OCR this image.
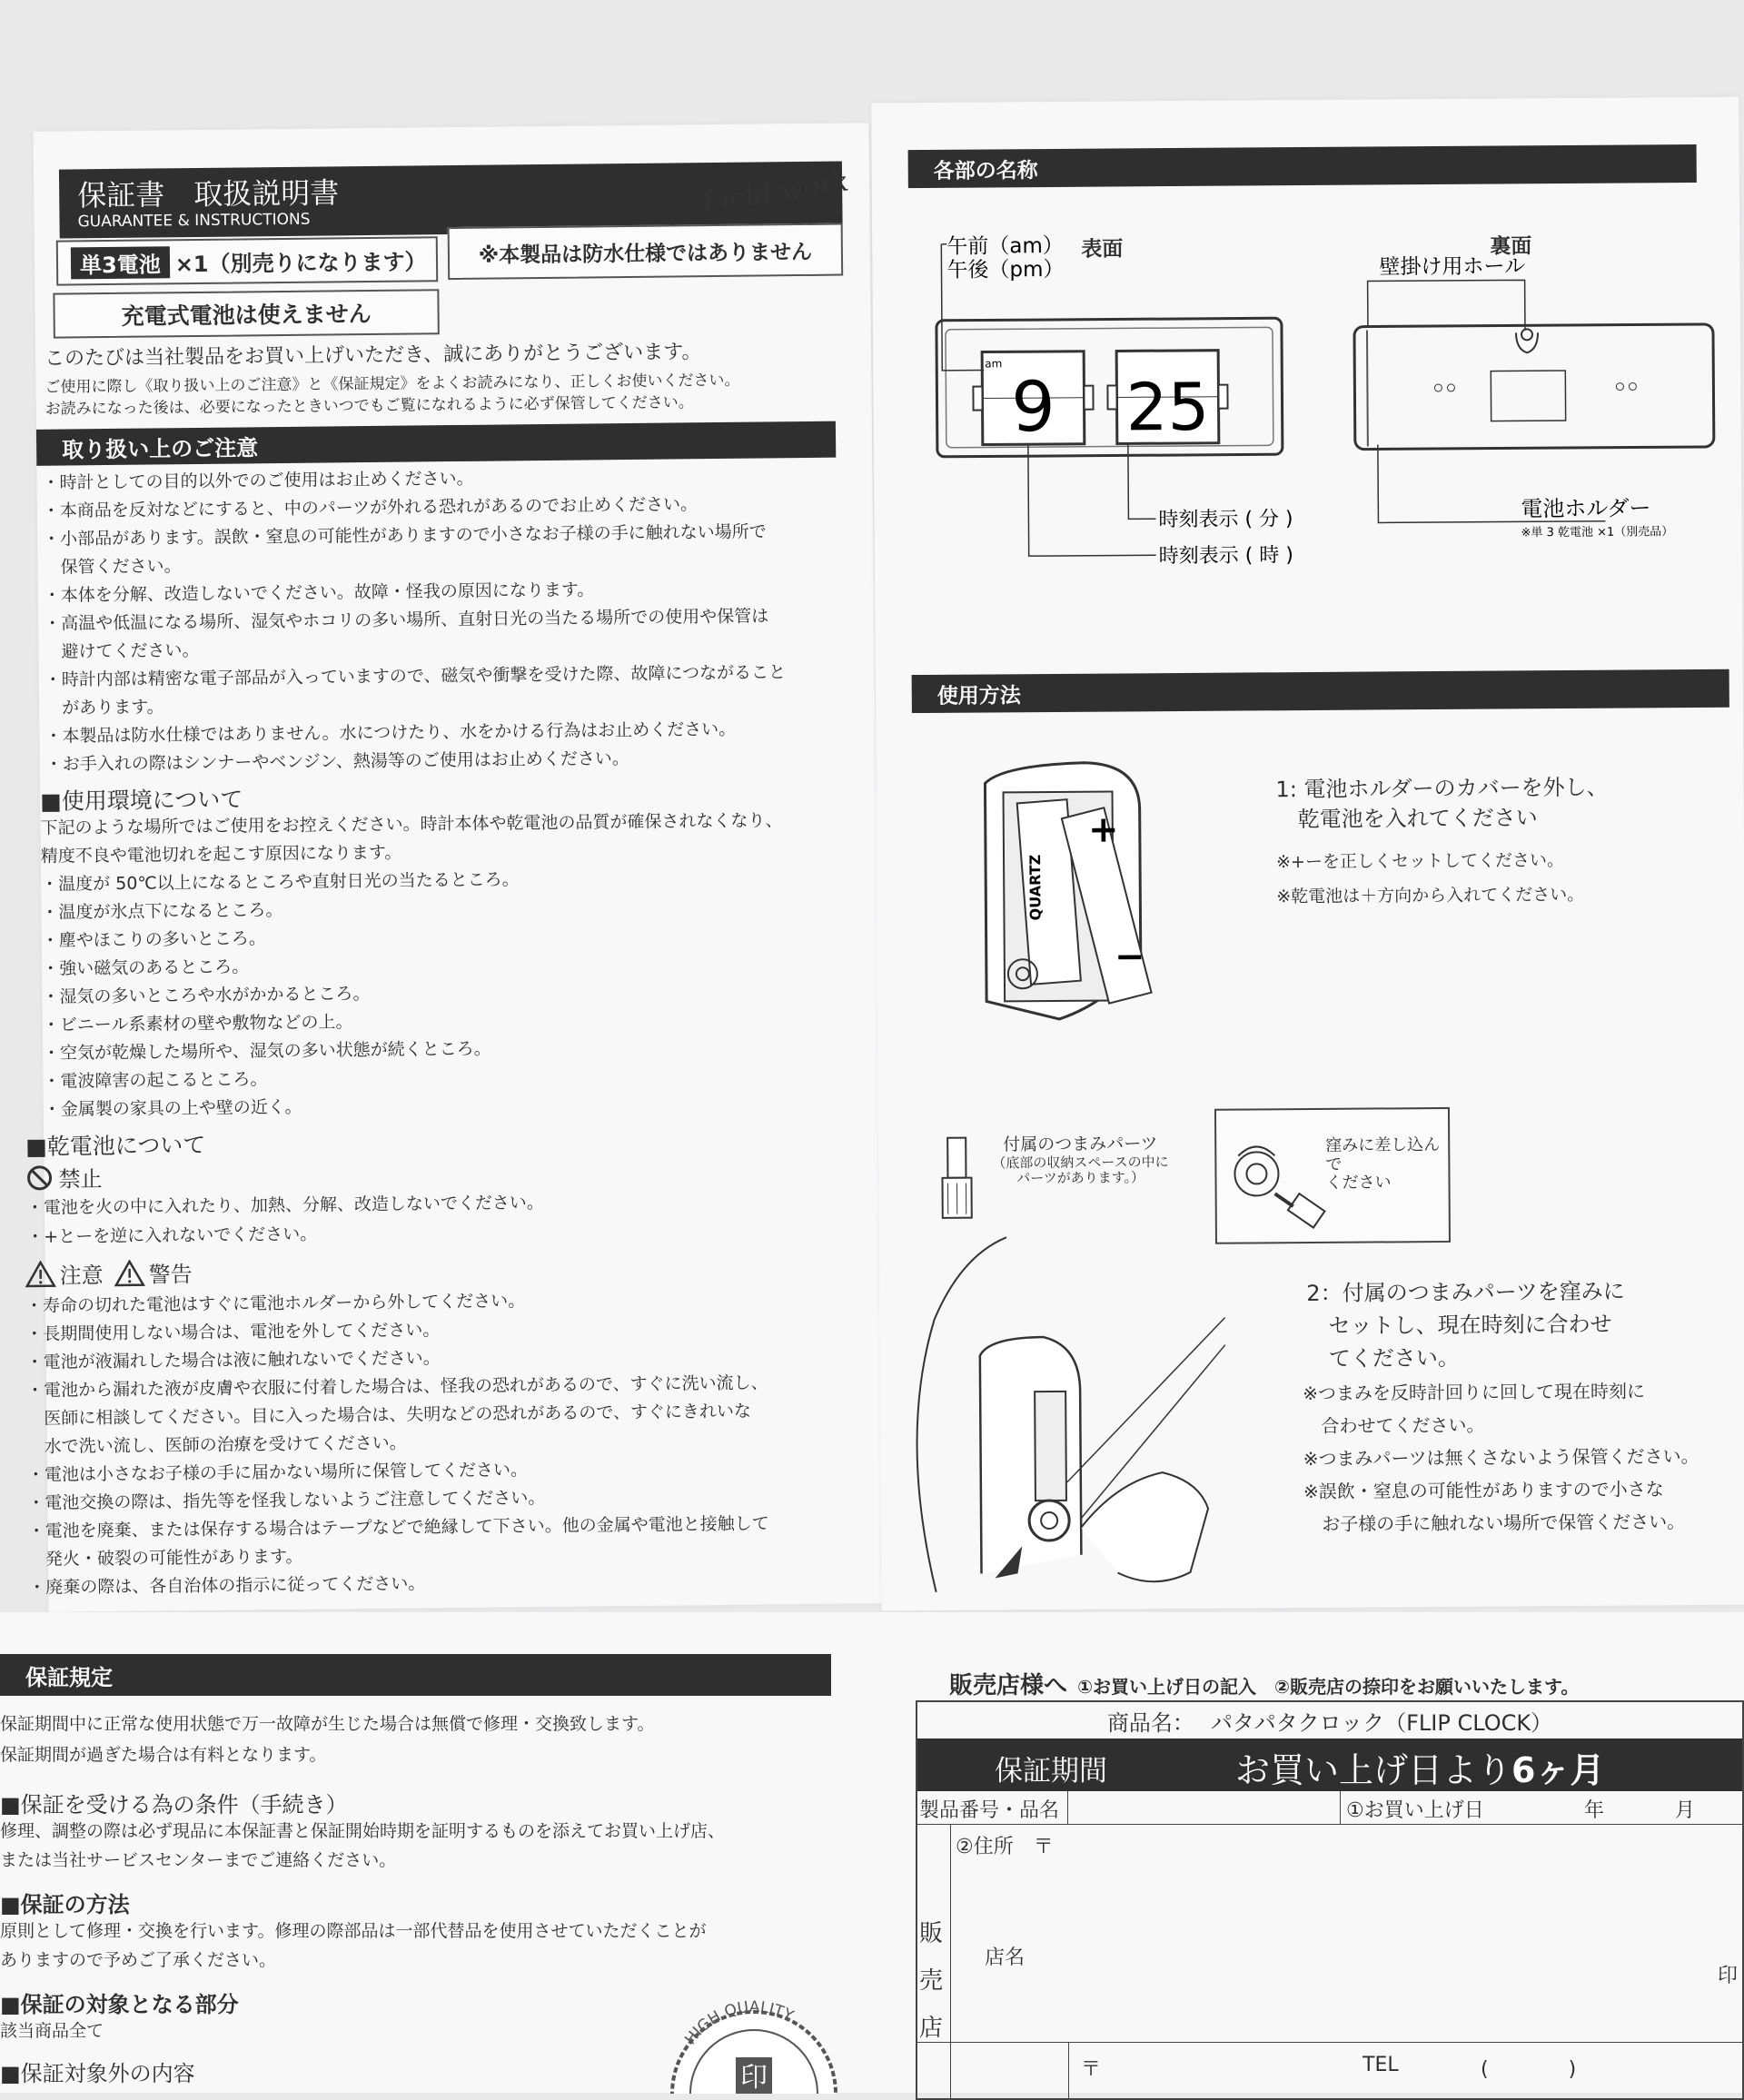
保証書　取扱説明書
GUARANTEE & INSTRUCTIONS
Field work
単3電池 ×1（別売りになります） ※本製品は防水仕様ではありません
充電式電池は使えません
このたびは当社製品をお買い上げいただき、誠にありがとうございます。
ご使用に際し《取り扱い上のご注意》と《保証規定》をよくお読みになり、正しくお使いください。
お読みになった後は、必要になったときいつでもご覧になれるように必ず保管してください。
取り扱い上のご注意
・時計としての目的以外でのご使用はお止めください。
・本商品を反対などにすると、中のパーツが外れる恐れがあるのでお止めください。
・小部品があります。誤飲・窒息の可能性がありますので小さなお子様の手に触れない場所で
　保管ください。
・本体を分解、改造しないでください。故障・怪我の原因になります。
・高温や低温になる場所、湿気やホコリの多い場所、直射日光の当たる場所での使用や保管は
　避けてください。
・時計内部は精密な電子部品が入っていますので、磁気や衝撃を受けた際、故障につながること
　があります。
・本製品は防水仕様ではありません。水につけたり、水をかける行為はお止めください。
・お手入れの際はシンナーやベンジン、熱湯等のご使用はお止めください。
■使用環境について
下記のような場所ではご使用をお控えください。時計本体や乾電池の品質が確保されなくなり、
精度不良や電池切れを起こす原因になります。
・温度が 50℃以上になるところや直射日光の当たるところ。
・温度が氷点下になるところ。
・塵やほこりの多いところ。
・強い磁気のあるところ。
・湿気の多いところや水がかかるところ。
・ビニール系素材の壁や敷物などの上。
・空気が乾燥した場所や、湿気の多い状態が続くところ。
・電波障害の起こるところ。
・金属製の家具の上や壁の近く。
■乾電池について
禁止
・電池を火の中に入れたり、加熱、分解、改造しないでください。
・+とーを逆に入れないでください。
注意 警告
・寿命の切れた電池はすぐに電池ホルダーから外してください。
・長期間使用しない場合は、電池を外してください。
・電池が液漏れした場合は液に触れないでください。
・電池から漏れた液が皮膚や衣服に付着した場合は、怪我の恐れがあるので、すぐに洗い流し、
　医師に相談してください。目に入った場合は、失明などの恐れがあるので、すぐにきれいな
　水で洗い流し、医師の治療を受けてください。
・電池は小さなお子様の手に届かない場所に保管してください。
・電池交換の際は、指先等を怪我しないようご注意してください。
・電池を廃棄、または保存する場合はテープなどで絶縁して下さい。他の金属や電池と接触して
　発火・破裂の可能性があります。
・廃棄の際は、各自治体の指示に従ってください。
各部の名称
am
9 25
午前（am）
午後（pm）
時刻表示 ( 分 )
時刻表示 ( 時 )
壁掛け用ホール
電池ホルダー
※単 3 乾電池 ×1（別売品）
表面	裏面
使用方法
QUARTZ
+
−
1: 電池ホルダーのカバーを外し、
　乾電池を入れてください
※+ーを正しくセットしてください。
※乾電池は＋方向から入れてください。
付属のつまみパーツ
（底部の収納スペースの中に
パーツがあります。）
窪みに差し込んで
ください
2：付属のつまみパーツを窪みに
　セットし、現在時刻に合わせ
　てください。
※つまみを反時計回りに回して現在時刻に
　合わせてください。
※つまみパーツは無くさないよう保管ください。
※誤飲・窒息の可能性がありますので小さな
　お子様の手に触れない場所で保管ください。
保証規定
保証期間中に正常な使用状態で万一故障が生じた場合は無償で修理・交換致します。
保証期間が過ぎた場合は有料となります。
■保証を受ける為の条件（手続き）
修理、調整の際は必ず現品に本保証書と保証開始時期を証明するものを添えてお買い上げ店、
または当社サービスセンターまでご連絡ください。
■保証の方法
原則として修理・交換を行います。修理の際部品は一部代替品を使用させていただくことが
ありますので予めご了承ください。
■保証の対象となる部分
該当商品全て
■保証対象外の内容
HIGH QUALITY
印
販売店様へ ①お買い上げ日の記入　②販売店の捺印をお願いいたします。
商品名： パタパタクロック（FLIP CLOCK）
保証期間	お買い上げ日より6ヶ月
製品番号・品名	①お買い上げ日	年	月
販
売
店
②住所　〒
店名
印
〒	TEL	(　　　　)
